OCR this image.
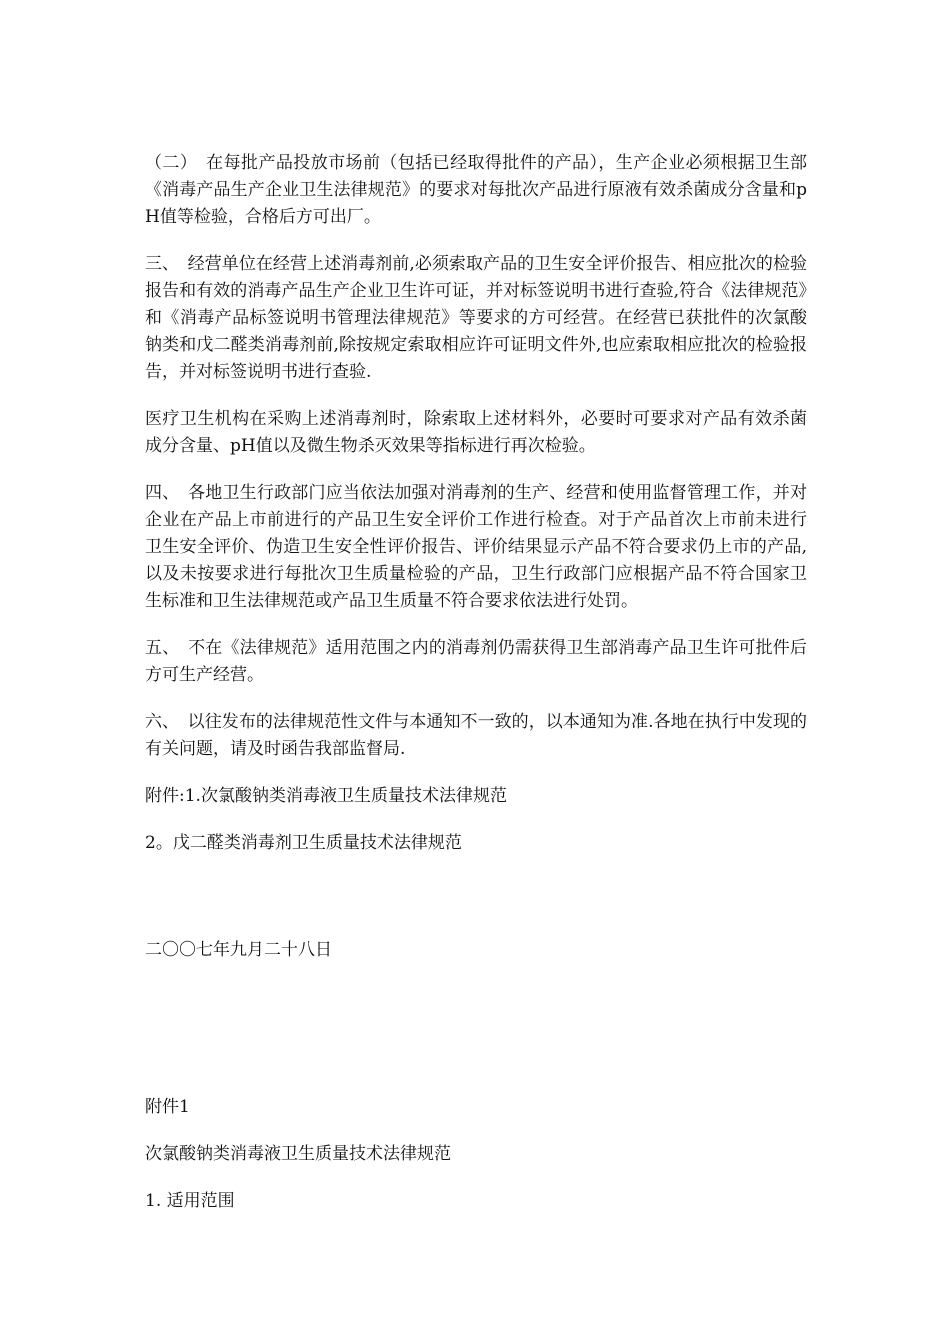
（二）　在每批产品投放市场前（包括已经取得批件的产品），生产企业必须根据卫生部《消毒产品生产企业卫生法律规范》的要求对每批次产品进行原液有效杀菌成分含量和pH值等检验，合格后方可出厂。

三、　经营单位在经营上述消毒剂前,必须索取产品的卫生安全评价报告、相应批次的检验报告和有效的消毒产品生产企业卫生许可证，并对标签说明书进行查验,符合《法律规范》和《消毒产品标签说明书管理法律规范》等要求的方可经营。在经营已获批件的次氯酸钠类和戊二醛类消毒剂前,除按规定索取相应许可证明文件外,也应索取相应批次的检验报告，并对标签说明书进行查验.

医疗卫生机构在采购上述消毒剂时，除索取上述材料外，必要时可要求对产品有效杀菌成分含量、pH值以及微生物杀灭效果等指标进行再次检验。

四、　各地卫生行政部门应当依法加强对消毒剂的生产、经营和使用监督管理工作，并对企业在产品上市前进行的产品卫生安全评价工作进行检查。对于产品首次上市前未进行卫生安全评价、伪造卫生安全性评价报告、评价结果显示产品不符合要求仍上市的产品,以及未按要求进行每批次卫生质量检验的产品，卫生行政部门应根据产品不符合国家卫生标准和卫生法律规范或产品卫生质量不符合要求依法进行处罚。

五、　不在《法律规范》适用范围之内的消毒剂仍需获得卫生部消毒产品卫生许可批件后方可生产经营。

六、　以往发布的法律规范性文件与本通知不一致的，以本通知为准.各地在执行中发现的有关问题，请及时函告我部监督局.

附件:1.次氯酸钠类消毒液卫生质量技术法律规范

2。戊二醛类消毒剂卫生质量技术法律规范

二〇〇七年九月二十八日

附件1

次氯酸钠类消毒液卫生质量技术法律规范

1. 适用范围
